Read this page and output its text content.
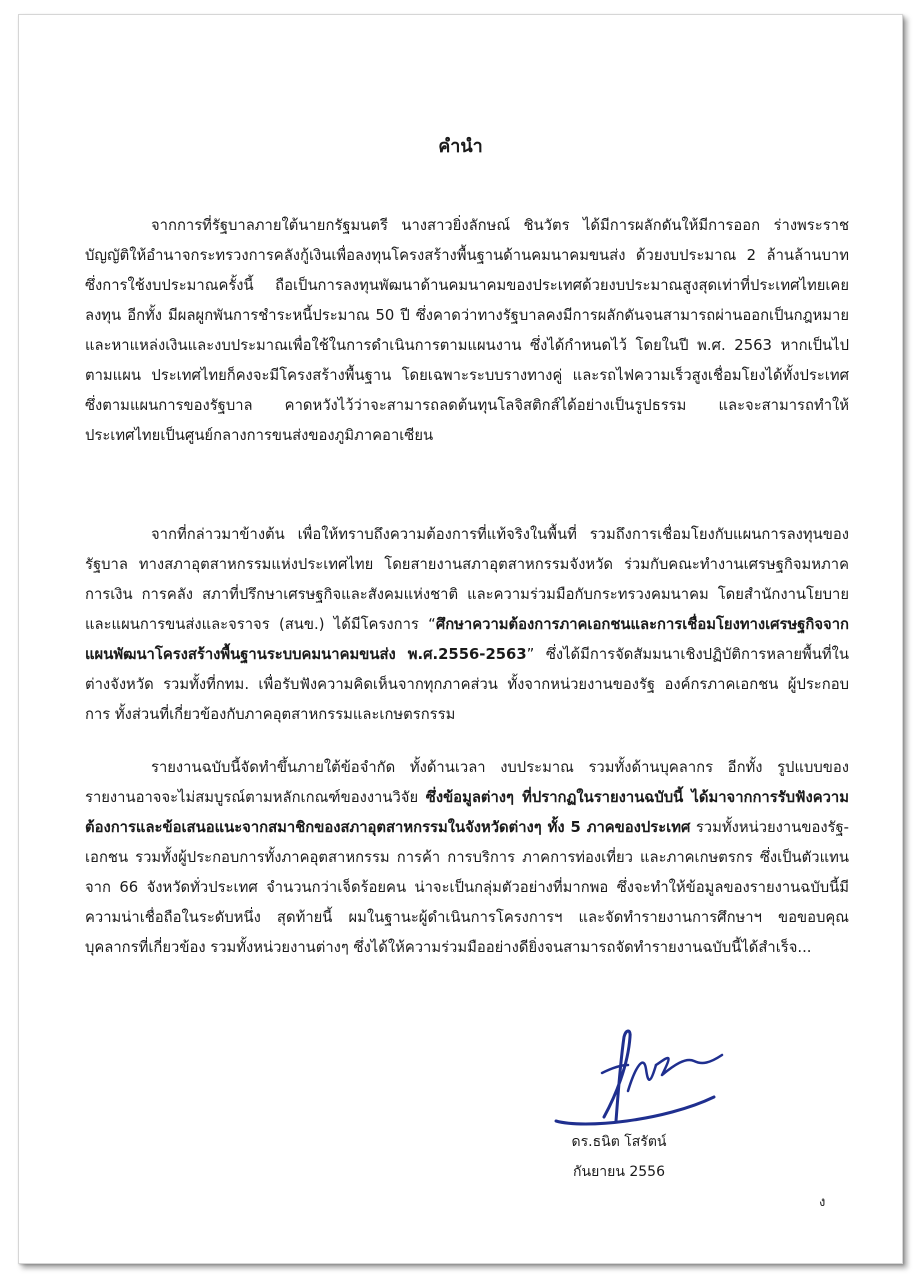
คำนำ

จากการที่รัฐบาลภายใต้นายกรัฐมนตรี นางสาวยิ่งลักษณ์ ชินวัตร ได้มีการผลักดันให้มีการออก ร่างพระราชบัญญัติให้อำนาจกระทรวงการคลังกู้เงินเพื่อลงทุนโครงสร้างพื้นฐานด้านคมนาคมขนส่ง ด้วยงบประมาณ 2 ล้านล้านบาท ซึ่งการใช้งบประมาณครั้งนี้ ถือเป็นการลงทุนพัฒนาด้านคมนาคมของประเทศด้วยงบประมาณสูงสุดเท่าที่ประเทศไทยเคยลงทุน อีกทั้ง มีผลผูกพันการชำระหนี้ประมาณ 50 ปี ซึ่งคาดว่าทางรัฐบาลคงมีการผลักดันจนสามารถผ่านออกเป็นกฎหมายและหาแหล่งเงินและงบประมาณเพื่อใช้ในการดำเนินการตามแผนงาน ซึ่งได้กำหนดไว้ โดยในปี พ.ศ. 2563 หากเป็นไปตามแผน ประเทศไทยก็คงจะมีโครงสร้างพื้นฐาน โดยเฉพาะระบบรางทางคู่ และรถไฟความเร็วสูงเชื่อมโยงได้ทั้งประเทศ ซึ่งตามแผนการของรัฐบาล คาดหวังไว้ว่าจะสามารถลดต้นทุนโลจิสติกส์ได้อย่างเป็นรูปธรรม และจะสามารถทำให้ประเทศไทยเป็นศูนย์กลางการขนส่งของภูมิภาคอาเซียน

จากที่กล่าวมาข้างต้น เพื่อให้ทราบถึงความต้องการที่แท้จริงในพื้นที่ รวมถึงการเชื่อมโยงกับแผนการลงทุนของรัฐบาล ทางสภาอุตสาหกรรมแห่งประเทศไทย โดยสายงานสภาอุตสาหกรรมจังหวัด ร่วมกับคณะทำงานเศรษฐกิจมหภาค การเงิน การคลัง สภาที่ปรึกษาเศรษฐกิจและสังคมแห่งชาติ และความร่วมมือกับกระทรวงคมนาคม โดยสำนักงานโยบายและแผนการขนส่งและจราจร (สนข.) ได้มีโครงการ “ศึกษาความต้องการภาคเอกชนและการเชื่อมโยงทางเศรษฐกิจจากแผนพัฒนาโครงสร้างพื้นฐานระบบคมนาคมขนส่ง พ.ศ.2556-2563” ซึ่งได้มีการจัดสัมมนาเชิงปฏิบัติการหลายพื้นที่ในต่างจังหวัด รวมทั้งที่กทม. เพื่อรับฟังความคิดเห็นจากทุกภาคส่วน ทั้งจากหน่วยงานของรัฐ องค์กรภาคเอกชน ผู้ประกอบการ ทั้งส่วนที่เกี่ยวข้องกับภาคอุตสาหกรรมและเกษตรกรรม

รายงานฉบับนี้จัดทำขึ้นภายใต้ข้อจำกัด ทั้งด้านเวลา งบประมาณ รวมทั้งด้านบุคลากร อีกทั้ง รูปแบบของรายงานอาจจะไม่สมบูรณ์ตามหลักเกณฑ์ของงานวิจัย ซึ่งข้อมูลต่างๆ ที่ปรากฏในรายงานฉบับนี้ ได้มาจากการรับฟังความต้องการและข้อเสนอแนะจากสมาชิกของสภาอุตสาหกรรมในจังหวัดต่างๆ ทั้ง 5 ภาคของประเทศ รวมทั้งหน่วยงานของรัฐ-เอกชน รวมทั้งผู้ประกอบการทั้งภาคอุตสาหกรรม การค้า การบริการ ภาคการท่องเที่ยว และภาคเกษตรกร ซึ่งเป็นตัวแทนจาก 66 จังหวัดทั่วประเทศ จำนวนกว่าเจ็ดร้อยคน น่าจะเป็นกลุ่มตัวอย่างที่มากพอ ซึ่งจะทำให้ข้อมูลของรายงานฉบับนี้มีความน่าเชื่อถือในระดับหนึ่ง สุดท้ายนี้ ผมในฐานะผู้ดำเนินการโครงการฯ และจัดทำรายงานการศึกษาฯ ขอขอบคุณบุคลากรที่เกี่ยวข้อง รวมทั้งหน่วยงานต่างๆ ซึ่งได้ให้ความร่วมมืออย่างดียิ่งจนสามารถจัดทำรายงานฉบับนี้ได้สำเร็จ...

ดร.ธนิต โสรัตน์
กันยายน 2556
ง
